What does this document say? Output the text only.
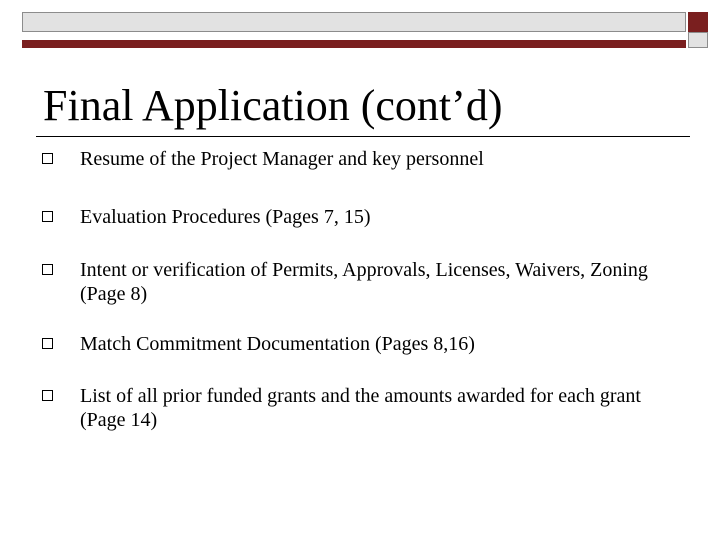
Final Application (cont’d)
Resume of the Project Manager and key personnel
Evaluation Procedures (Pages 7, 15)
Intent or verification of Permits, Approvals, Licenses, Waivers, Zoning (Page 8)
Match Commitment Documentation (Pages 8,16)
List of all prior funded grants and the amounts awarded for each grant (Page 14)
